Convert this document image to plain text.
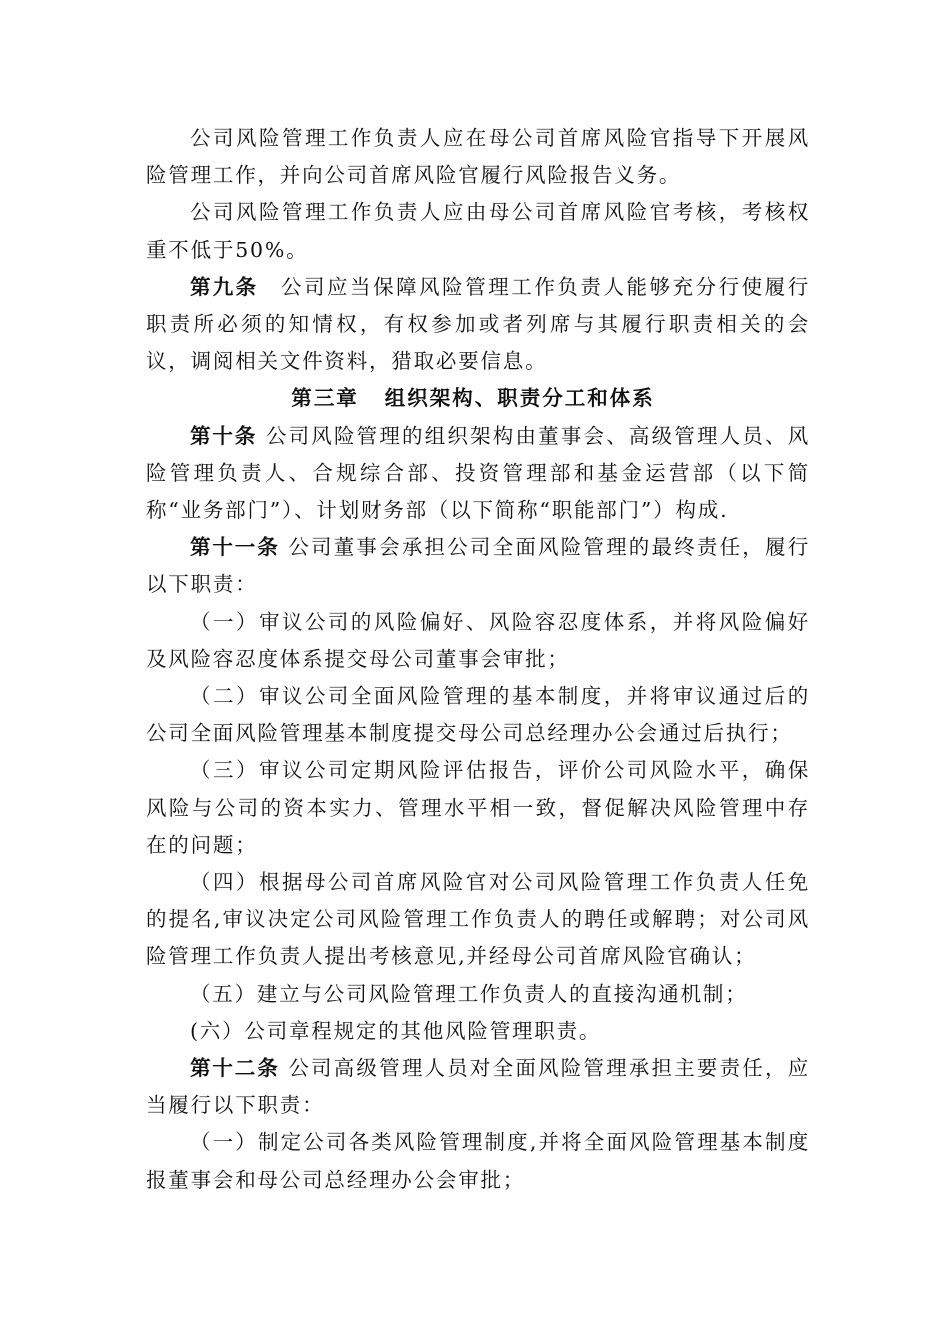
公司风险管理工作负责人应在母公司首席风险官指导下开展风险管理工作，并向公司首席风险官履行风险报告义务。

公司风险管理工作负责人应由母公司首席风险官考核，考核权重不低于50%。

第九条 公司应当保障风险管理工作负责人能够充分行使履行职责所必须的知情权，有权参加或者列席与其履行职责相关的会议，调阅相关文件资料，猎取必要信息。

第三章 组织架构、职责分工和体系

第十条 公司风险管理的组织架构由董事会、高级管理人员、风险管理负责人、合规综合部、投资管理部和基金运营部（以下简称“业务部门”）、计划财务部（以下简称“职能部门”）构成.

第十一条 公司董事会承担公司全面风险管理的最终责任，履行以下职责：

（一）审议公司的风险偏好、风险容忍度体系，并将风险偏好及风险容忍度体系提交母公司董事会审批；

（二）审议公司全面风险管理的基本制度，并将审议通过后的公司全面风险管理基本制度提交母公司总经理办公会通过后执行；

（三）审议公司定期风险评估报告，评价公司风险水平，确保风险与公司的资本实力、管理水平相一致，督促解决风险管理中存在的问题；

（四）根据母公司首席风险官对公司风险管理工作负责人任免的提名,审议决定公司风险管理工作负责人的聘任或解聘；对公司风险管理工作负责人提出考核意见,并经母公司首席风险官确认；

（五）建立与公司风险管理工作负责人的直接沟通机制；

(六）公司章程规定的其他风险管理职责。

第十二条 公司高级管理人员对全面风险管理承担主要责任，应当履行以下职责：

（一）制定公司各类风险管理制度,并将全面风险管理基本制度报董事会和母公司总经理办公会审批；
